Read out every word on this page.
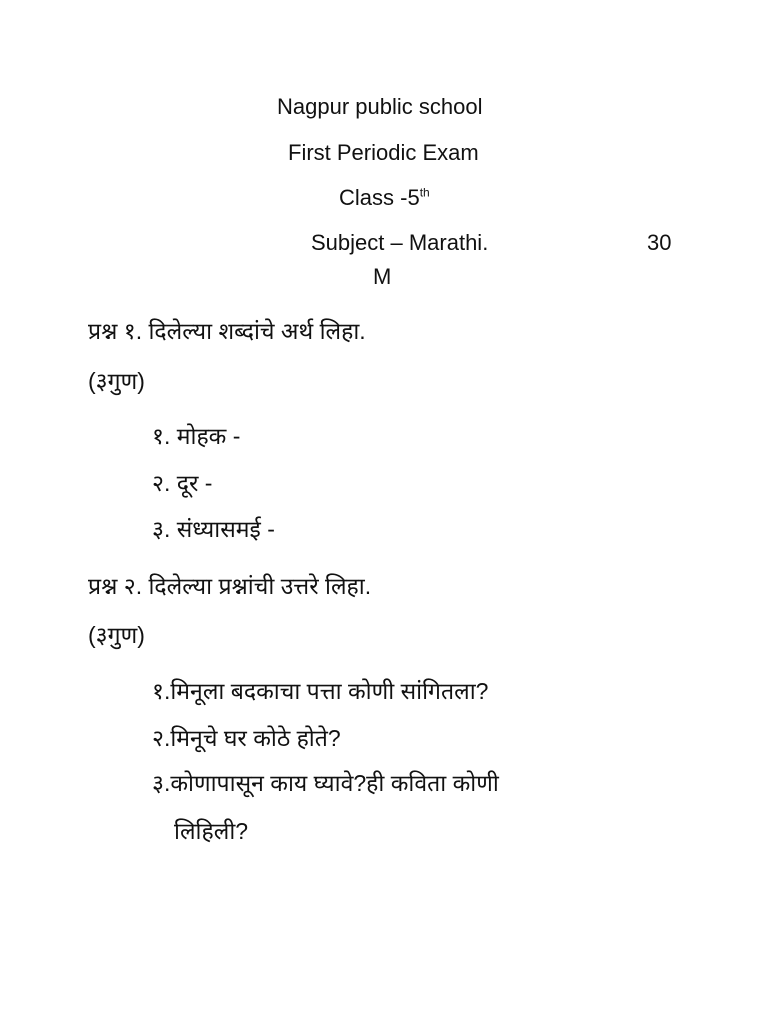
Nagpur public school
First Periodic Exam
Class -5th
Subject – Marathi.	30
M
प्रश्न १. दिलेल्या शब्दांचे अर्थ लिहा.
(३गुण)
१. मोहक -
२. दूर -
३. संध्यासमई -
प्रश्न २. दिलेल्या प्रश्नांची उत्तरे लिहा.
(३गुण)
१.मिनूला बदकाचा पत्ता कोणी सांगितला?
२.मिनूचे घर कोठे होते?
३.कोणापासून काय घ्यावे?ही कविता कोणी
लिहिली?
